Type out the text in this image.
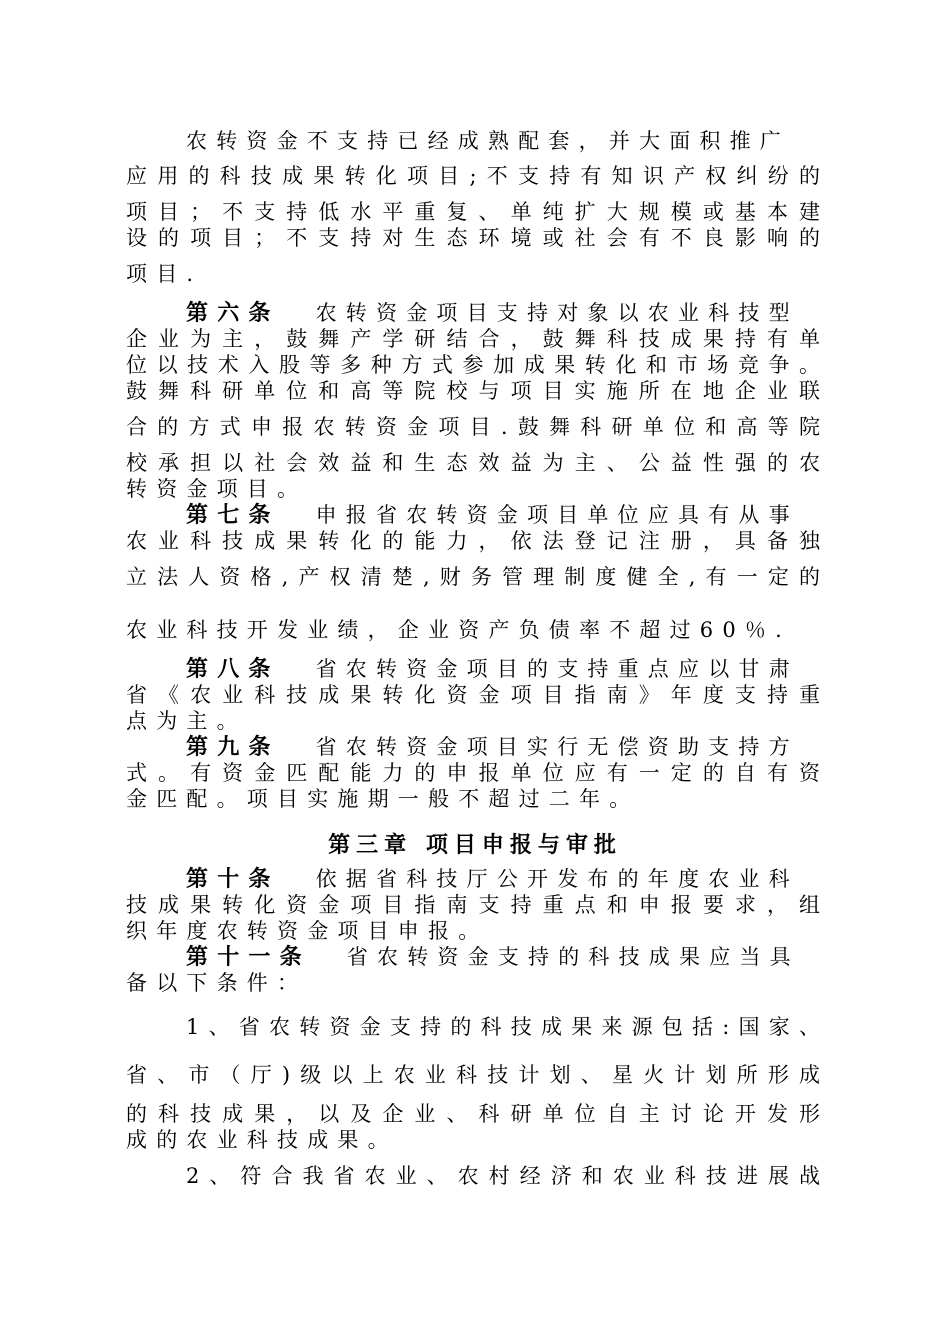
农转资金不支持已经成熟配套，并大面积推广
应用的科技成果转化项目;不支持有知识产权纠纷的
项目；不支持低水平重复、单纯扩大规模或基本建
设的项目；不支持对生态环境或社会有不良影响的
项目.
第六条 农转资金项目支持对象以农业科技型
企业为主，鼓舞产学研结合，鼓舞科技成果持有单
位以技术入股等多种方式参加成果转化和市场竞争。
鼓舞科研单位和高等院校与项目实施所在地企业联
合的方式申报农转资金项目.鼓舞科研单位和高等院
校承担以社会效益和生态效益为主、公益性强的农
转资金项目。
第七条 申报省农转资金项目单位应具有从事
农业科技成果转化的能力，依法登记注册，具备独
立法人资格,产权清楚,财务管理制度健全,有一定的
农业科技开发业绩，企业资产负债率不超过60％.
第八条 省农转资金项目的支持重点应以甘肃
省《农业科技成果转化资金项目指南》年度支持重
点为主。
第九条 省农转资金项目实行无偿资助支持方
式。有资金匹配能力的申报单位应有一定的自有资
金匹配。项目实施期一般不超过二年。
第三章 项目申报与审批
第十条 依据省科技厅公开发布的年度农业科
技成果转化资金项目指南支持重点和申报要求，组
织年度农转资金项目申报。
第十一条 省农转资金支持的科技成果应当具
备以下条件：
1、省农转资金支持的科技成果来源包括:国家、
省、市（厅)级以上农业科技计划、星火计划所形成
的科技成果，以及企业、科研单位自主讨论开发形
成的农业科技成果。
2、符合我省农业、农村经济和农业科技进展战
